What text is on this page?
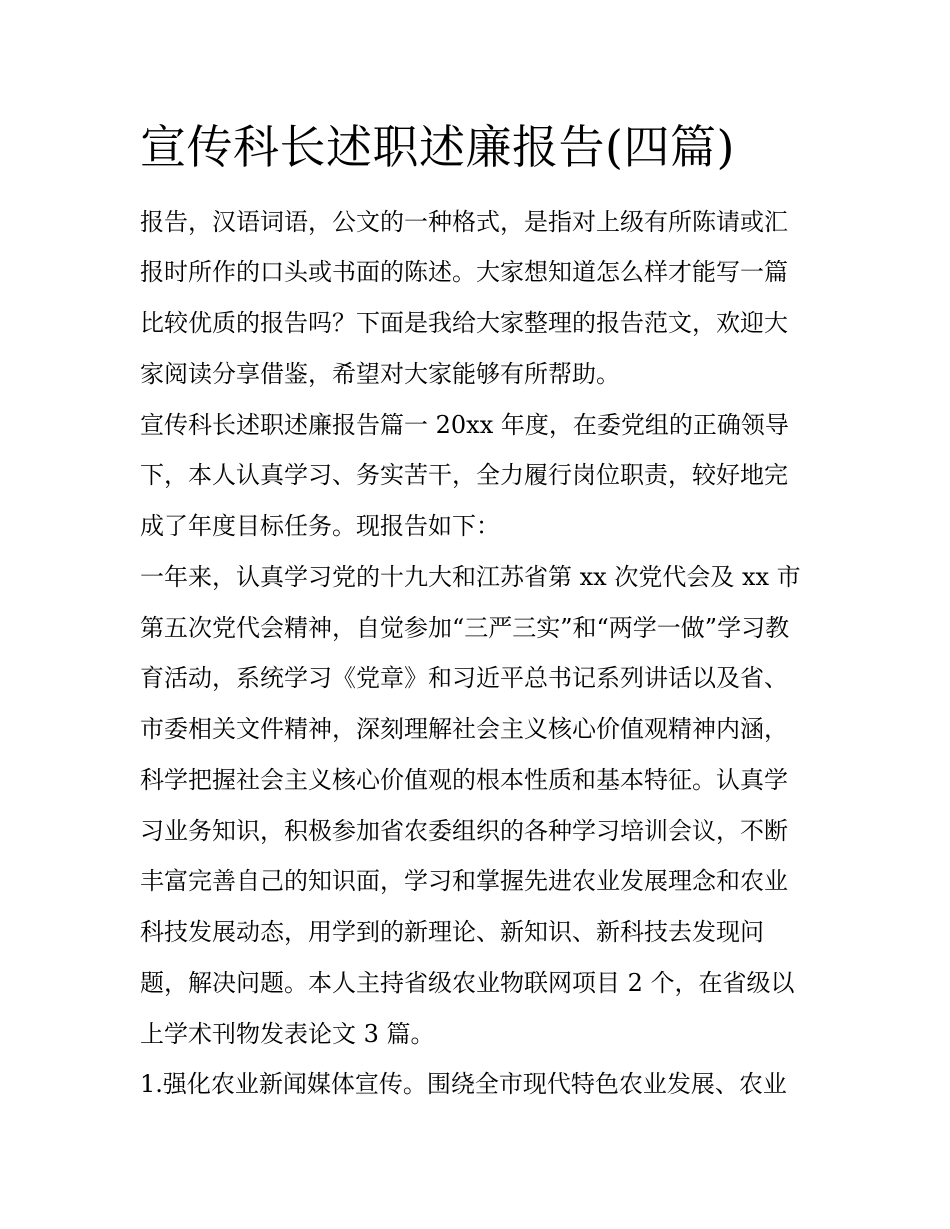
宣传科长述职述廉报告(四篇)

报告，汉语词语，公文的一种格式，是指对上级有所陈请或汇

报时所作的口头或书面的陈述。大家想知道怎么样才能写一篇

比较优质的报告吗？下面是我给大家整理的报告范文，欢迎大

家阅读分享借鉴，希望对大家能够有所帮助。

宣传科长述职述廉报告篇一 20xx 年度，在委党组的正确领导

下，本人认真学习、务实苦干，全力履行岗位职责，较好地完

成了年度目标任务。现报告如下：

一年来，认真学习党的十九大和江苏省第 xx 次党代会及 xx 市

第五次党代会精神，自觉参加“三严三实”和“两学一做”学习教

育活动，系统学习《党章》和习近平总书记系列讲话以及省、

市委相关文件精神，深刻理解社会主义核心价值观精神内涵，

科学把握社会主义核心价值观的根本性质和基本特征。认真学

习业务知识，积极参加省农委组织的各种学习培训会议，不断

丰富完善自己的知识面，学习和掌握先进农业发展理念和农业

科技发展动态，用学到的新理论、新知识、新科技去发现问

题，解决问题。本人主持省级农业物联网项目 2 个，在省级以

上学术刊物发表论文 3 篇。

1.强化农业新闻媒体宣传。围绕全市现代特色农业发展、农业
